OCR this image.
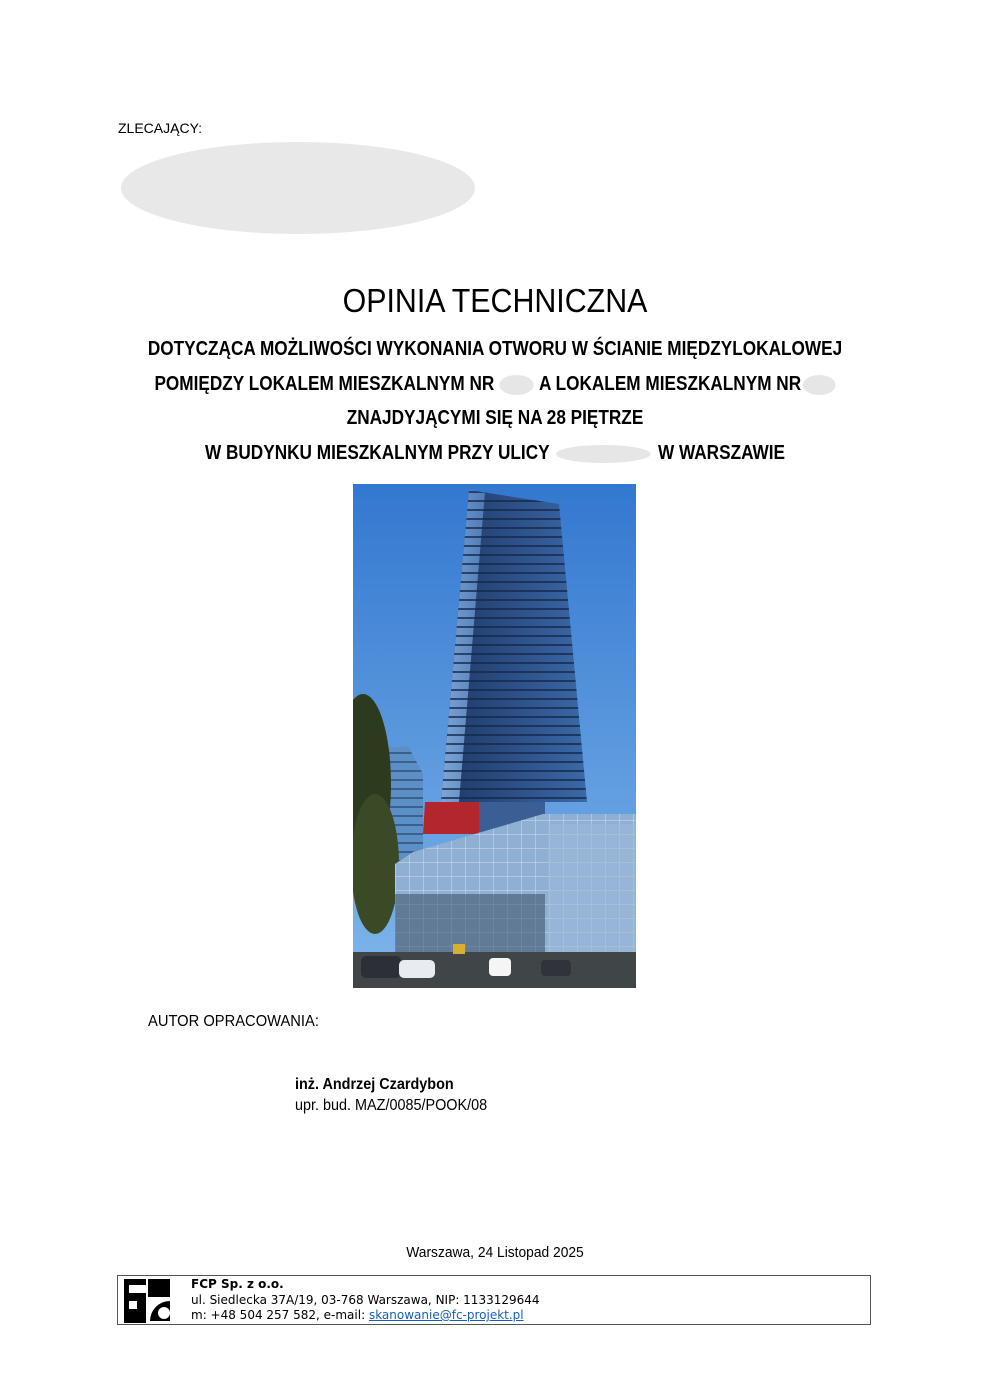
ZLECAJĄCY:
OPINIA TECHNICZNA
DOTYCZĄCA MOŻLIWOŚCI WYKONANIA OTWORU W ŚCIANIE MIĘDZYLOKALOWEJ
POMIĘDZY LOKALEM MIESZKALNYM NR A LOKALEM MIESZKALNYM NR
ZNAJDYJĄCYMI SIĘ NA 28 PIĘTRZE
W BUDYNKU MIESZKALNYM PRZY ULICY	W WARSZAWIE
AUTOR OPRACOWANIA:
inż. Andrzej Czardybon
upr. bud. MAZ/0085/POOK/08
Warszawa, 24 Listopad 2025
FCP Sp. z o.o.
ul. Siedlecka 37A/19, 03-768 Warszawa, NIP: 1133129644
m: +48 504 257 582, e-mail: skanowanie@fc-projekt.pl
